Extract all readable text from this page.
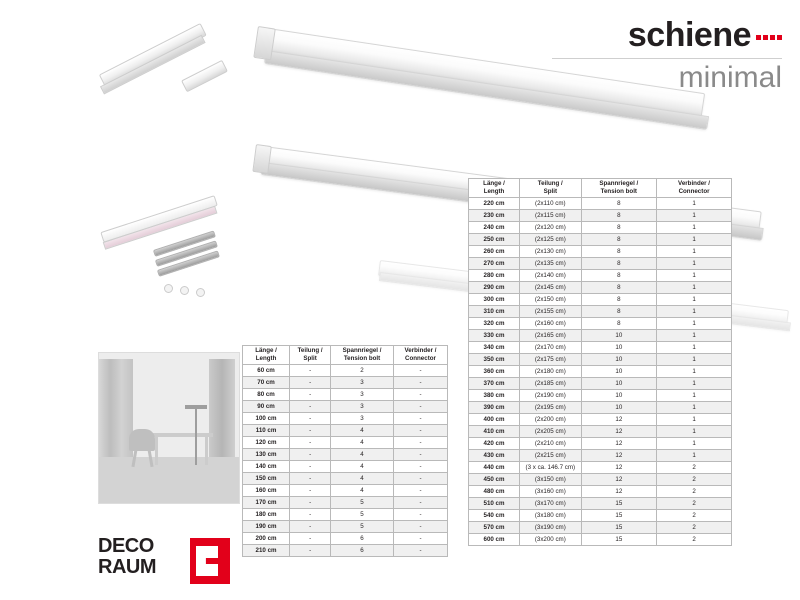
schiene
minimal
Länge /
Length	Teilung /
Split	Spannriegel /
Tension bolt	Verbinder /
Connector
60 cm	-	2	-
70 cm	-	3	-
80 cm	-	3	-
90 cm	-	3	-
100 cm	-	3	-
110 cm	-	4	-
120 cm	-	4	-
130 cm	-	4	-
140 cm	-	4	-
150 cm	-	4	-
160 cm	-	4	-
170 cm	-	5	-
180 cm	-	5	-
190 cm	-	5	-
200 cm	-	6	-
210 cm	-	6	-
Länge /
Length	Teilung /
Split	Spannriegel /
Tension bolt	Verbinder /
Connector
220 cm	(2x110 cm)	8	1
230 cm	(2x115 cm)	8	1
240 cm	(2x120 cm)	8	1
250 cm	(2x125 cm)	8	1
260 cm	(2x130 cm)	8	1
270 cm	(2x135 cm)	8	1
280 cm	(2x140 cm)	8	1
290 cm	(2x145 cm)	8	1
300 cm	(2x150 cm)	8	1
310 cm	(2x155 cm)	8	1
320 cm	(2x160 cm)	8	1
330 cm	(2x165 cm)	10	1
340 cm	(2x170 cm)	10	1
350 cm	(2x175 cm)	10	1
360 cm	(2x180 cm)	10	1
370 cm	(2x185 cm)	10	1
380 cm	(2x190 cm)	10	1
390 cm	(2x195 cm)	10	1
400 cm	(2x200 cm)	12	1
410 cm	(2x205 cm)	12	1
420 cm	(2x210 cm)	12	1
430 cm	(2x215 cm)	12	1
440 cm	(3 x ca. 146.7 cm)	12	2
450 cm	(3x150 cm)	12	2
480 cm	(3x160 cm)	12	2
510 cm	(3x170 cm)	15	2
540 cm	(3x180 cm)	15	2
570 cm	(3x190 cm)	15	2
600 cm	(3x200 cm)	15	2
DECO
RAUM
